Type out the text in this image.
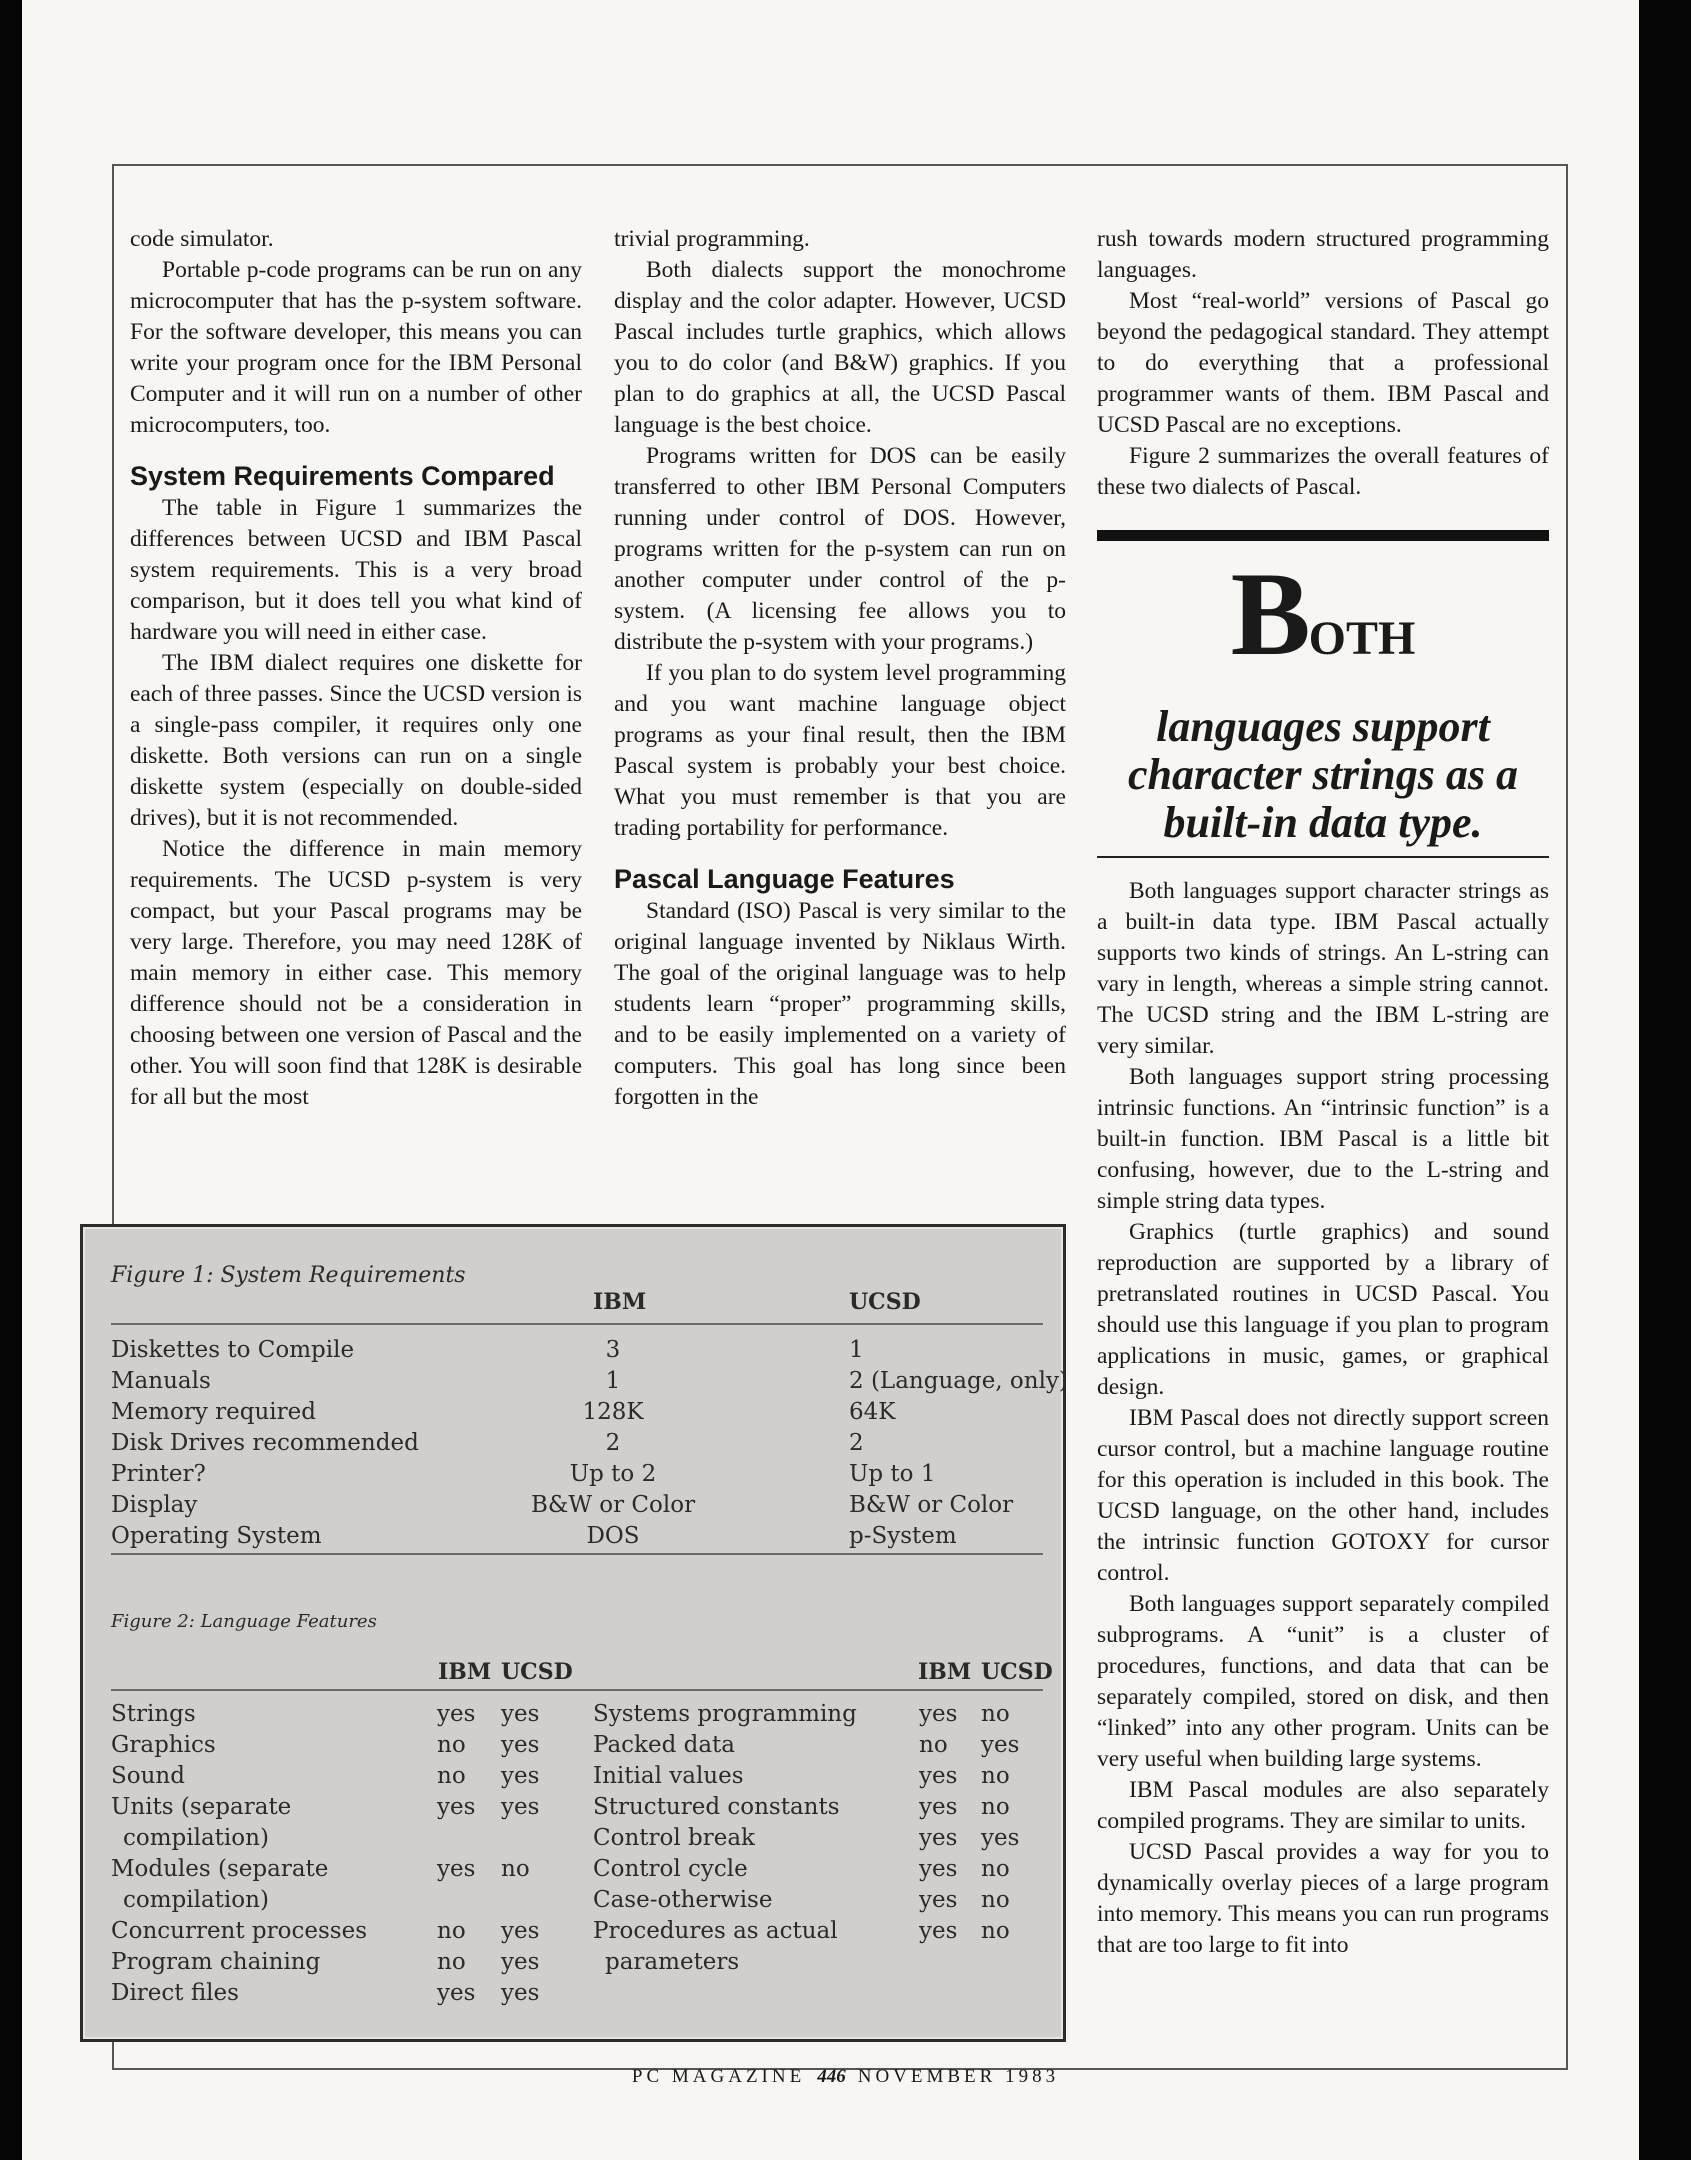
code simulator.

Portable p-code programs can be run on any microcomputer that has the p-system software. For the software developer, this means you can write your program once for the IBM Personal Computer and it will run on a number of other microcomputers, too.

System Requirements Compared

The table in Figure 1 summarizes the differences between UCSD and IBM Pascal system requirements. This is a very broad comparison, but it does tell you what kind of hardware you will need in either case.

The IBM dialect requires one diskette for each of three passes. Since the UCSD version is a single-pass compiler, it requires only one diskette. Both versions can run on a single diskette system (especially on double-sided drives), but it is not recommended.

Notice the difference in main memory requirements. The UCSD p-system is very compact, but your Pascal programs may be very large. Therefore, you may need 128K of main memory in either case. This memory difference should not be a consideration in choosing between one version of Pascal and the other. You will soon find that 128K is desirable for all but the most

trivial programming.

Both dialects support the monochrome display and the color adapter. However, UCSD Pascal includes turtle graphics, which allows you to do color (and B&W) graphics. If you plan to do graphics at all, the UCSD Pascal language is the best choice.

Programs written for DOS can be easily transferred to other IBM Personal Computers running under control of DOS. However, programs written for the p-system can run on another computer under control of the p-system. (A licensing fee allows you to distribute the p-system with your programs.)

If you plan to do system level programming and you want machine language object programs as your final result, then the IBM Pascal system is probably your best choice. What you must remember is that you are trading portability for performance.

Pascal Language Features

Standard (ISO) Pascal is very similar to the original language invented by Niklaus Wirth. The goal of the original language was to help students learn “proper” programming skills, and to be easily implemented on a variety of computers. This goal has long since been forgotten in the

rush towards modern structured programming languages.

Most “real-world” versions of Pascal go beyond the pedagogical standard. They attempt to do everything that a professional programmer wants of them. IBM Pascal and UCSD Pascal are no exceptions.

Figure 2 summarizes the overall features of these two dialects of Pascal.

BOTH
languages support character strings as a built-in data type.

Both languages support character strings as a built-in data type. IBM Pascal actually supports two kinds of strings. An L-string can vary in length, whereas a simple string cannot. The UCSD string and the IBM L-string are very similar.

Both languages support string processing intrinsic functions. An “intrinsic function” is a built-in function. IBM Pascal is a little bit confusing, however, due to the L-string and simple string data types.

Graphics (turtle graphics) and sound reproduction are supported by a library of pretranslated routines in UCSD Pascal. You should use this language if you plan to program applications in music, games, or graphical design.

IBM Pascal does not directly support screen cursor control, but a machine language routine for this operation is included in this book. The UCSD language, on the other hand, includes the intrinsic function GOTOXY for cursor control.

Both languages support separately compiled subprograms. A “unit” is a cluster of procedures, functions, and data that can be separately compiled, stored on disk, and then “linked” into any other program. Units can be very useful when building large systems.

IBM Pascal modules are also separately compiled programs. They are similar to units.

UCSD Pascal provides a way for you to dynamically overlay pieces of a large program into memory. This means you can run programs that are too large to fit into

Figure 1: System Requirements
IBM	UCSD
Diskettes to Compile	3	1
Manuals	1	2 (Language, only)
Memory required	128K	64K
Disk Drives recommended	2	2
Printer?	Up to 2	Up to 1
Display	B&W or Color	B&W or Color
Operating System	DOS	p-System
Figure 2: Language Features
IBM UCSD	IBM UCSD
Strings	yes yes
Graphics	no yes
Sound	no yes
Units (separate	yes yes
compilation)
Modules (separate	yes no
compilation)
Concurrent processes	no yes
Program chaining	no yes
Direct files	yes yes
Systems programming	yes no
Packed data	no yes
Initial values	yes no
Structured constants	yes no
Control break	yes yes
Control cycle	yes no
Case-otherwise	yes no
Procedures as actual	yes no
parameters
PC MAGAZINE 446 NOVEMBER 1983
